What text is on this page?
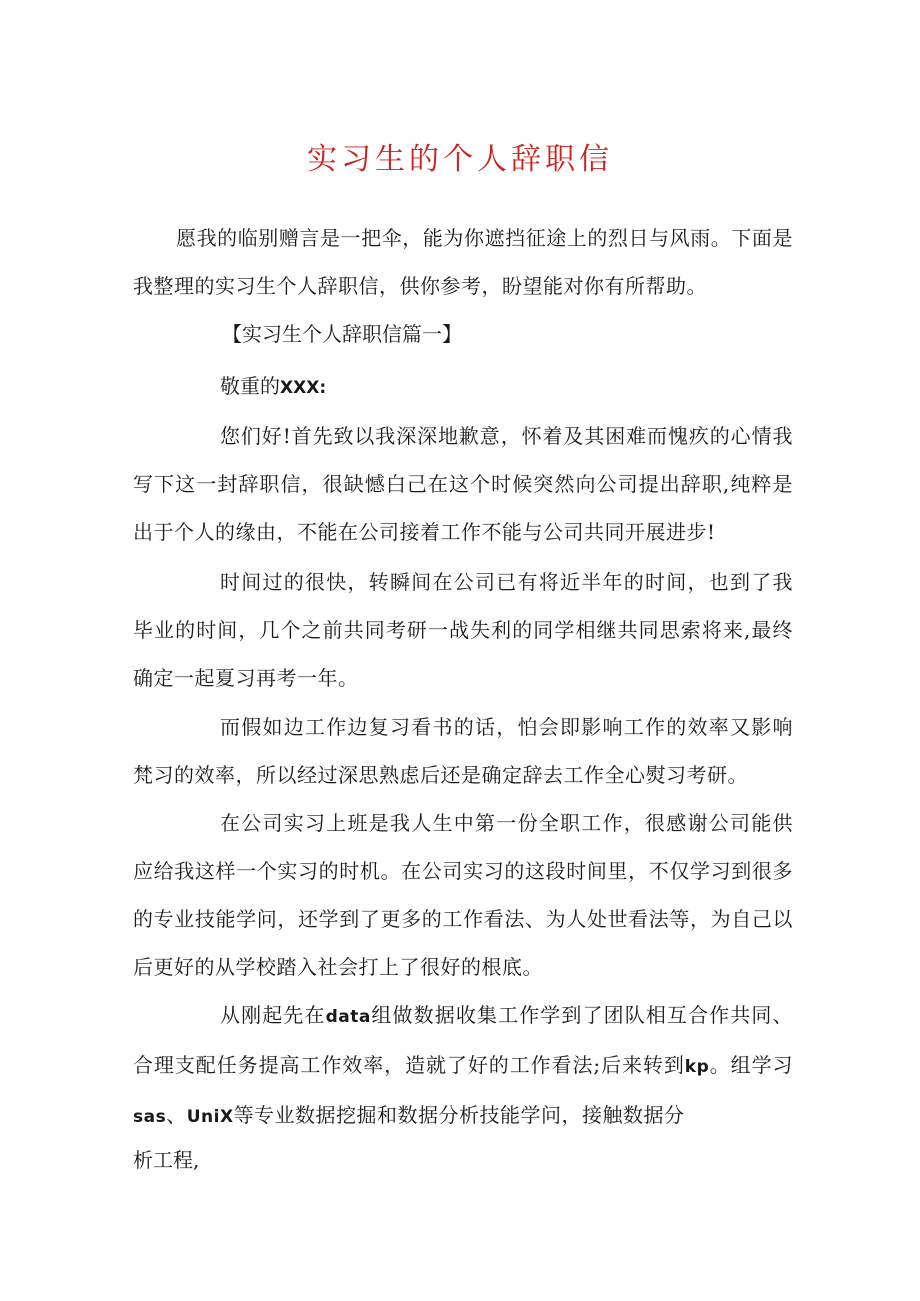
实习生的个人辞职信
愿我的临别赠言是一把伞，能为你遮挡征途上的烈日与风雨。下面是我整理的实习生个人辞职信，供你参考，盼望能对你有所帮助。
【实习生个人辞职信篇一】
敬重的XXX:
您们好!首先致以我深深地歉意，怀着及其困难而愧疚的心情我写下这一封辞职信，很缺憾白己在这个时候突然向公司提出辞职,纯粹是出于个人的缘由，不能在公司接着工作不能与公司共同开展进步!
时间过的很快，转瞬间在公司已有将近半年的时间，也到了我毕业的时间，几个之前共同考研一战失利的同学相继共同思索将来,最终确定一起夏习再考一年。
而假如边工作边复习看书的话，怕会即影响工作的效率又影响梵习的效率，所以经过深思熟虑后还是确定辞去工作全心熨习考研。
在公司实习上班是我人生中第一份全职工作，很感谢公司能供应给我这样一个实习的时机。在公司实习的这段时间里，不仅学习到很多的专业技能学问，还学到了更多的工作看法、为人处世看法等，为自己以后更好的从学校踏入社会打上了很好的根底。
从刚起先在data组做数据收集工作学到了团队相互合作共同、合理支配任务提高工作效率，造就了好的工作看法;后来转到kp。组学习sas、UniX等专业数据挖掘和数据分析技能学问，接触数据分
析工程,
